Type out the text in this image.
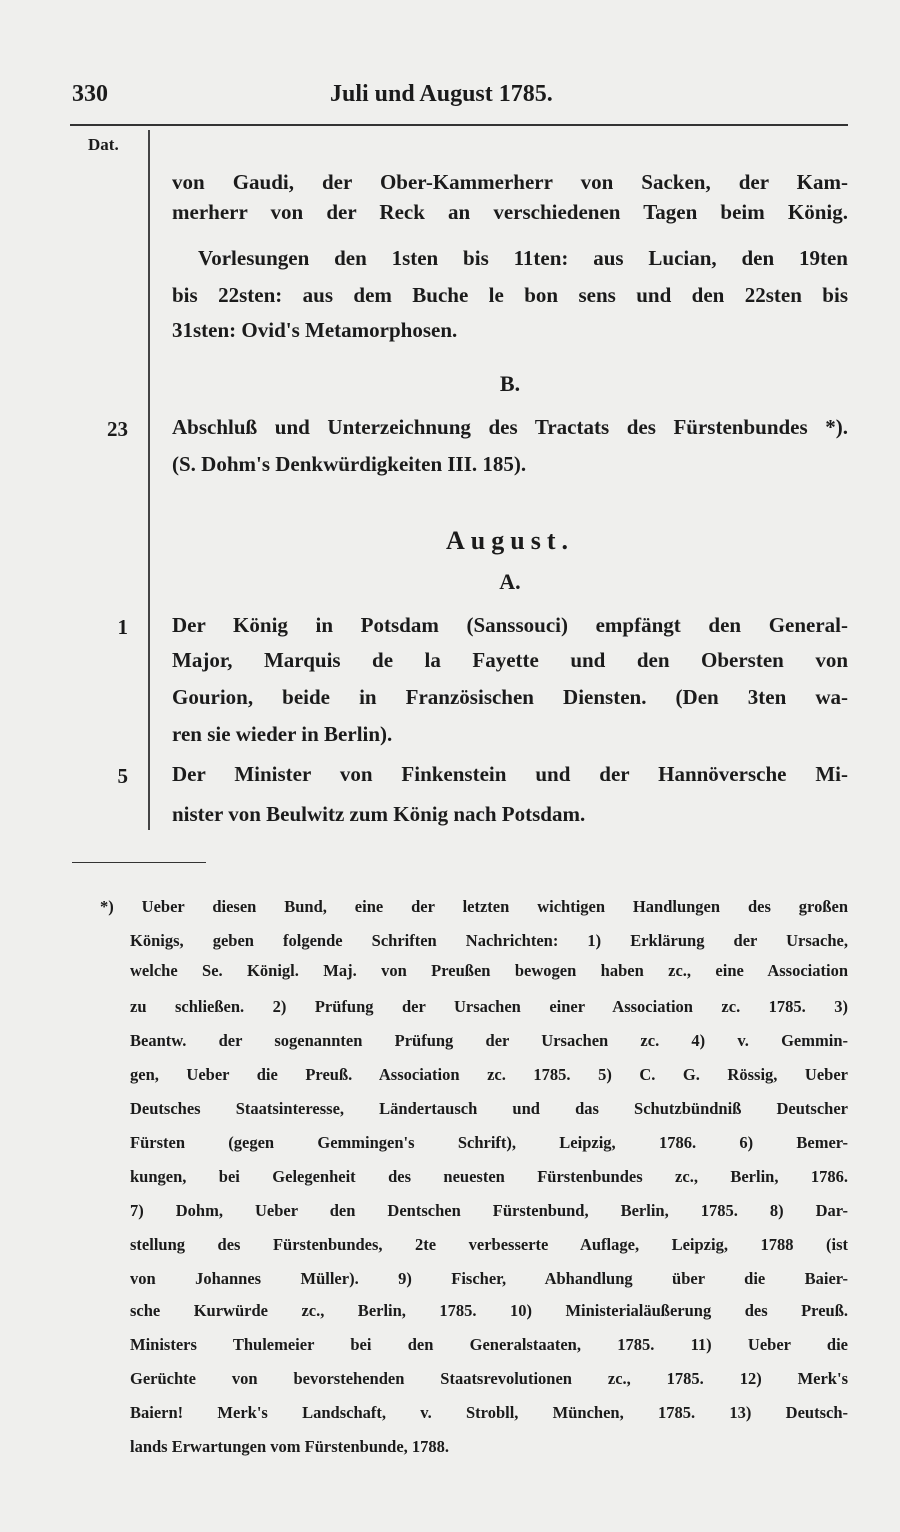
330	Juli und August 1785.
Dat.
von Gaudi, der Ober-Kammerherr von Sacken, der Kam-
merherr von der Reck an verschiedenen Tagen beim König.
Vorlesungen den 1sten bis 11ten: aus Lucian, den 19ten
bis 22sten: aus dem Buche le bon sens und den 22sten bis
31sten: Ovid's Metamorphosen.
B.
23 Abschluß und Unterzeichnung des Tractats des Fürstenbundes *).
(S. Dohm's Denkwürdigkeiten III. 185).
August.
A.
1 Der König in Potsdam (Sanssouci) empfängt den General-
Major, Marquis de la Fayette und den Obersten von
Gourion, beide in Französischen Diensten. (Den 3ten wa-
ren sie wieder in Berlin).
5 Der Minister von Finkenstein und der Hannöversche Mi-
nister von Beulwitz zum König nach Potsdam.
*) Ueber diesen Bund, eine der letzten wichtigen Handlungen des großen
Königs, geben folgende Schriften Nachrichten: 1) Erklärung der Ursache,
welche Se. Königl. Maj. von Preußen bewogen haben zc., eine Association
zu schließen. 2) Prüfung der Ursachen einer Association zc. 1785. 3)
Beantw. der sogenannten Prüfung der Ursachen zc. 4) v. Gemmin-
gen, Ueber die Preuß. Association zc. 1785. 5) C. G. Rössig, Ueber
Deutsches Staatsinteresse, Ländertausch und das Schutzbündniß Deutscher
Fürsten (gegen Gemmingen's Schrift), Leipzig, 1786. 6) Bemer-
kungen, bei Gelegenheit des neuesten Fürstenbundes zc., Berlin, 1786.
7) Dohm, Ueber den Dentschen Fürstenbund, Berlin, 1785. 8) Dar-
stellung des Fürstenbundes, 2te verbesserte Auflage, Leipzig, 1788 (ist
von Johannes Müller). 9) Fischer, Abhandlung über die Baier-
sche Kurwürde zc., Berlin, 1785. 10) Ministerialäußerung des Preuß.
Ministers Thulemeier bei den Generalstaaten, 1785. 11) Ueber die
Gerüchte von bevorstehenden Staatsrevolutionen zc., 1785. 12) Merk's
Baiern! Merk's Landschaft, v. Strobll, München, 1785. 13) Deutsch-
lands Erwartungen vom Fürstenbunde, 1788.
